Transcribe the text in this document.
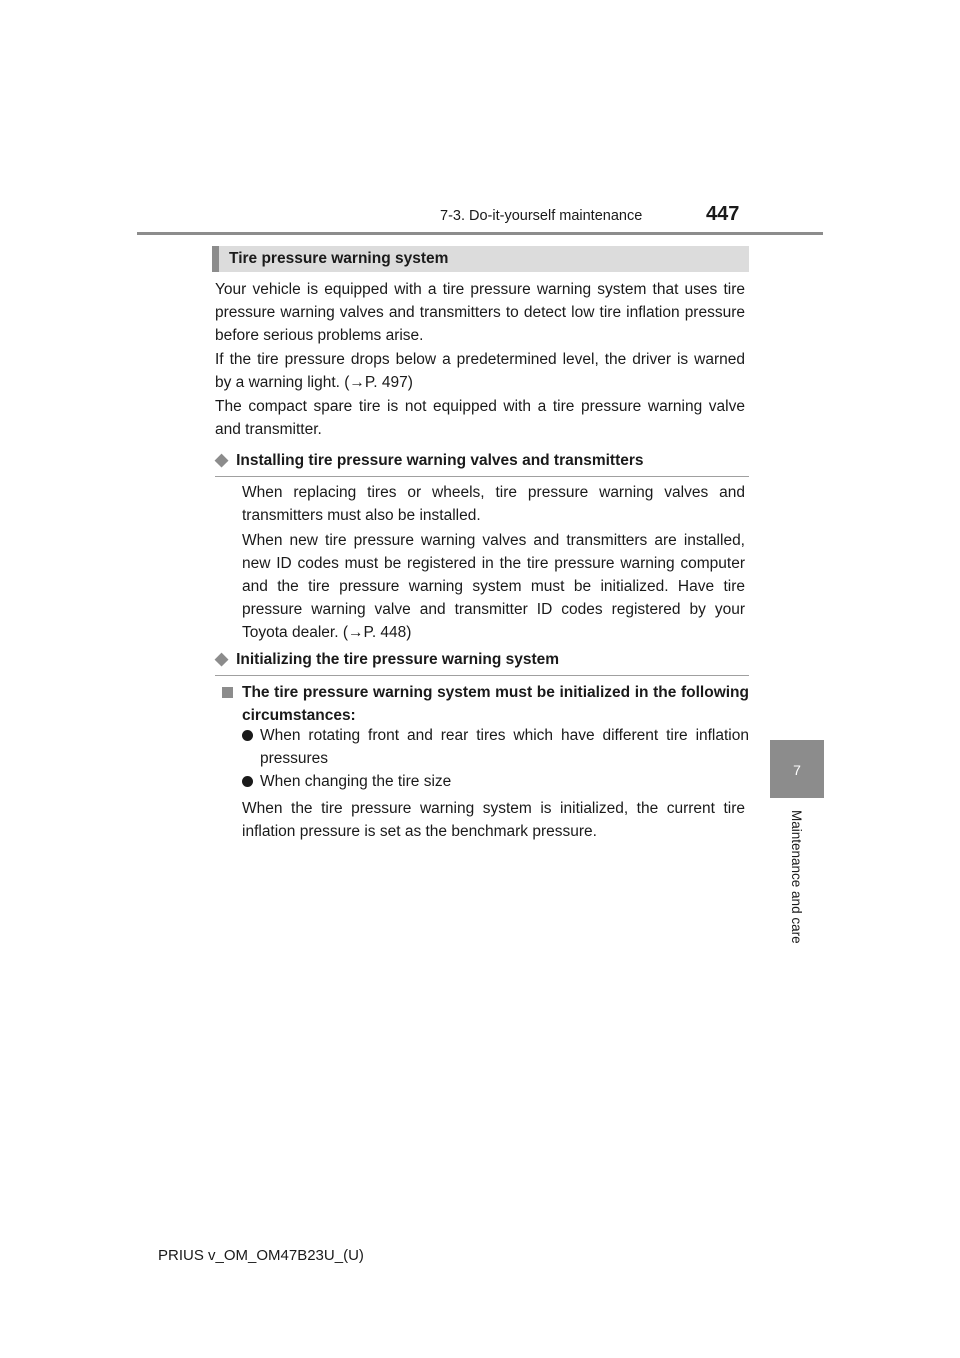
7-3. Do-it-yourself maintenance	447
7
Maintenance and care
Tire pressure warning system

Your vehicle is equipped with a tire pressure warning system that uses tire pressure warning valves and transmitters to detect low tire inflation pressure before serious problems arise.

If the tire pressure drops below a predetermined level, the driver is warned by a warning light. (→P. 497)

The compact spare tire is not equipped with a tire pressure warning valve and transmitter.

◆ Installing tire pressure warning valves and transmitters

When replacing tires or wheels, tire pressure warning valves and transmitters must also be installed.

When new tire pressure warning valves and transmitters are installed, new ID codes must be registered in the tire pressure warning computer and the tire pressure warning system must be initialized. Have tire pressure warning valve and transmitter ID codes registered by your Toyota dealer. (→P. 448)

◆ Initializing the tire pressure warning system
The tire pressure warning system must be initialized in the following circumstances:
When rotating front and rear tires which have different tire inflation pressures
When changing the tire size

When the tire pressure warning system is initialized, the current tire inflation pressure is set as the benchmark pressure.

PRIUS v_OM_OM47B23U_(U)
